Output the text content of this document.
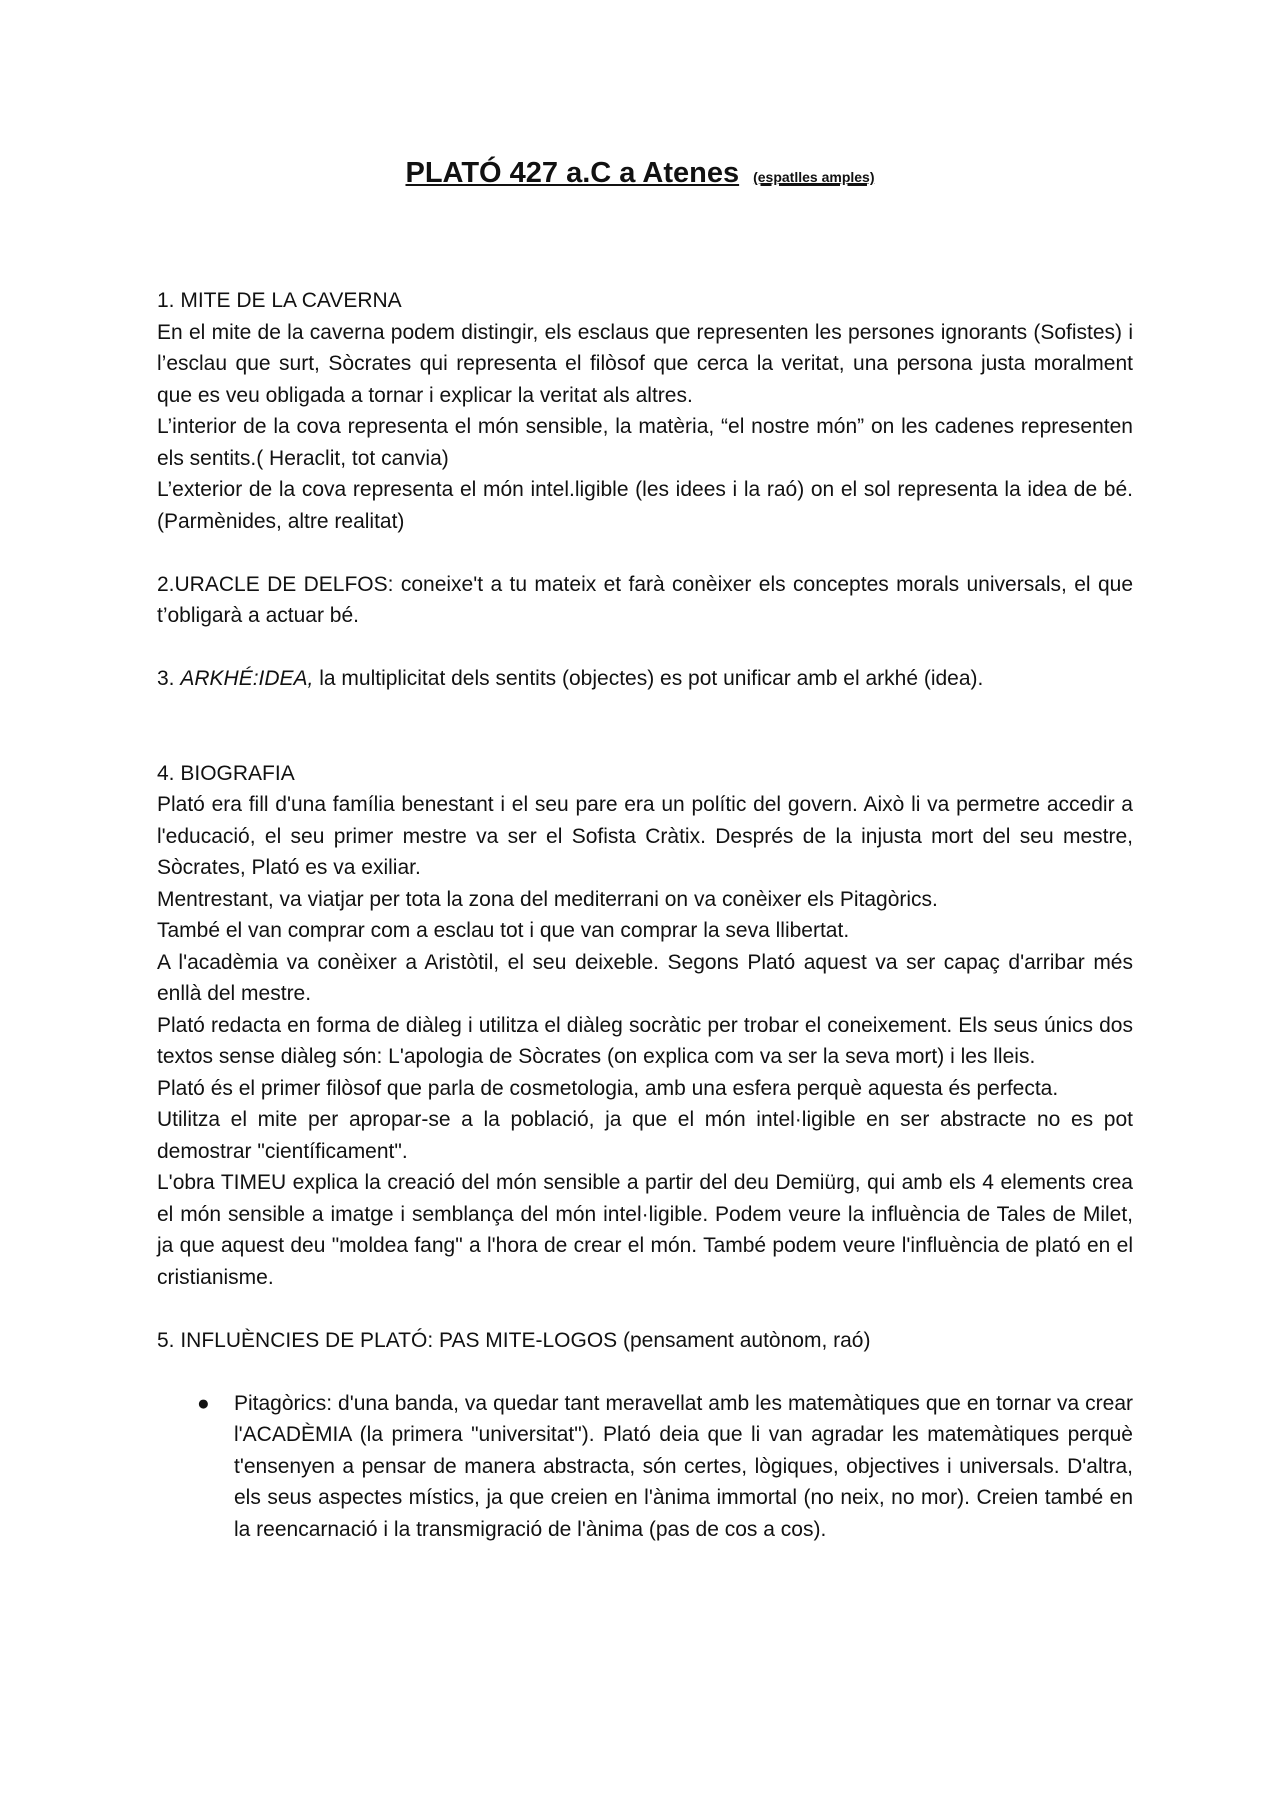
PLATÓ 427 a.C a Atenes (espatlles amples)

1. MITE DE LA CAVERNA

En el mite de la caverna podem distingir, els esclaus que representen les persones ignorants (Sofistes) i l’esclau que surt, Sòcrates qui representa el filòsof que cerca la veritat, una persona justa moralment que es veu obligada a tornar i explicar la veritat als altres.

L’interior de la cova representa el món sensible, la matèria, “el nostre món” on les cadenes representen els sentits.( Heraclit, tot canvia)

L’exterior de la cova representa el món intel.ligible (les idees i la raó) on el sol representa la idea de bé.(Parmènides, altre realitat)

2.URACLE DE DELFOS: coneixe't a tu mateix et farà conèixer els conceptes morals universals, el que t’obligarà a actuar bé.

3. ARKHÉ:IDEA, la multiplicitat dels sentits (objectes) es pot unificar amb el arkhé (idea).

4. BIOGRAFIA

Plató era fill d'una família benestant i el seu pare era un polític del govern. Això li va permetre accedir a l'educació, el seu primer mestre va ser el Sofista Cràtix. Després de la injusta mort del seu mestre, Sòcrates, Plató es va exiliar.

Mentrestant, va viatjar per tota la zona del mediterrani on va conèixer els Pitagòrics.

També el van comprar com a esclau tot i que van comprar la seva llibertat.

A l'acadèmia va conèixer a Aristòtil, el seu deixeble. Segons Plató aquest va ser capaç d'arribar més enllà del mestre.

Plató redacta en forma de diàleg i utilitza el diàleg socràtic per trobar el coneixement. Els seus únics dos textos sense diàleg són: L'apologia de Sòcrates (on explica com va ser la seva mort) i les lleis.

Plató és el primer filòsof que parla de cosmetologia, amb una esfera perquè aquesta és perfecta.

Utilitza el mite per apropar-se a la població, ja que el món intel·ligible en ser abstracte no es pot demostrar "científicament".

L'obra TIMEU explica la creació del món sensible a partir del deu Demiürg, qui amb els 4 elements crea el món sensible a imatge i semblança del món intel·ligible. Podem veure la influència de Tales de Milet, ja que aquest deu "moldea fang" a l'hora de crear el món. També podem veure l'influència de plató en el cristianisme.

5. INFLUÈNCIES DE PLATÓ: PAS MITE-LOGOS (pensament autònom, raó)

● Pitagòrics: d'una banda, va quedar tant meravellat amb les matemàtiques que en tornar va crear l'ACADÈMIA (la primera "universitat"). Plató deia que li van agradar les matemàtiques perquè t'ensenyen a pensar de manera abstracta, són certes, lògiques, objectives i universals. D'altra, els seus aspectes místics, ja que creien en l'ànima immortal (no neix, no mor). Creien també en la reencarnació i la transmigració de l'ànima (pas de cos a cos).
